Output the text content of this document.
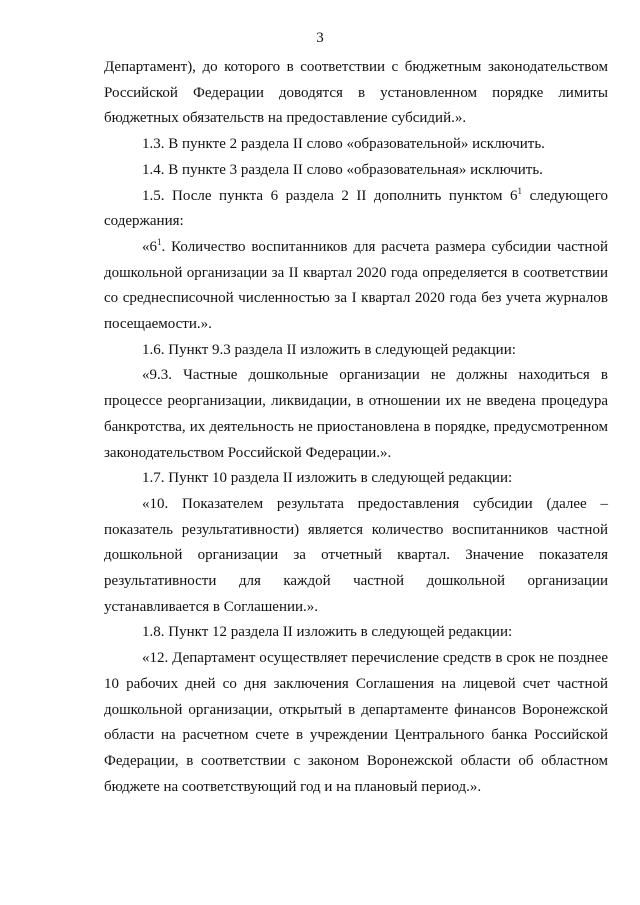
3

Департамент), до которого в соответствии с бюджетным законодательством Российской Федерации доводятся в установленном порядке лимиты бюджетных обязательств на предоставление субсидий.».

1.3. В пункте 2 раздела II слово «образовательной» исключить.

1.4. В пункте 3 раздела II слово «образовательная» исключить.

1.5. После пункта 6 раздела 2 II дополнить пунктом $6^1$ следующего содержания:

«$6^1$. Количество воспитанников для расчета размера субсидии частной дошкольной организации за II квартал 2020 года определяется в соответствии со среднесписочной численностью за I квартал 2020 года без учета журналов посещаемости.».

1.6. Пункт 9.3 раздела II изложить в следующей редакции:

«9.3. Частные дошкольные организации не должны находиться в процессе реорганизации, ликвидации, в отношении их не введена процедура банкротства, их деятельность не приостановлена в порядке, предусмотренном законодательством Российской Федерации.».

1.7. Пункт 10 раздела II изложить в следующей редакции:

«10. Показателем результата предоставления субсидии (далее – показатель результативности) является количество воспитанников частной дошкольной организации за отчетный квартал. Значение показателя результативности для каждой частной дошкольной организации устанавливается в Соглашении.».

1.8. Пункт 12 раздела II изложить в следующей редакции:

«12. Департамент осуществляет перечисление средств в срок не позднее 10 рабочих дней со дня заключения Соглашения на лицевой счет частной дошкольной организации, открытый в департаменте финансов Воронежской области на расчетном счете в учреждении Центрального банка Российской Федерации, в соответствии с законом Воронежской области об областном бюджете на соответствующий год и на плановый период.».
